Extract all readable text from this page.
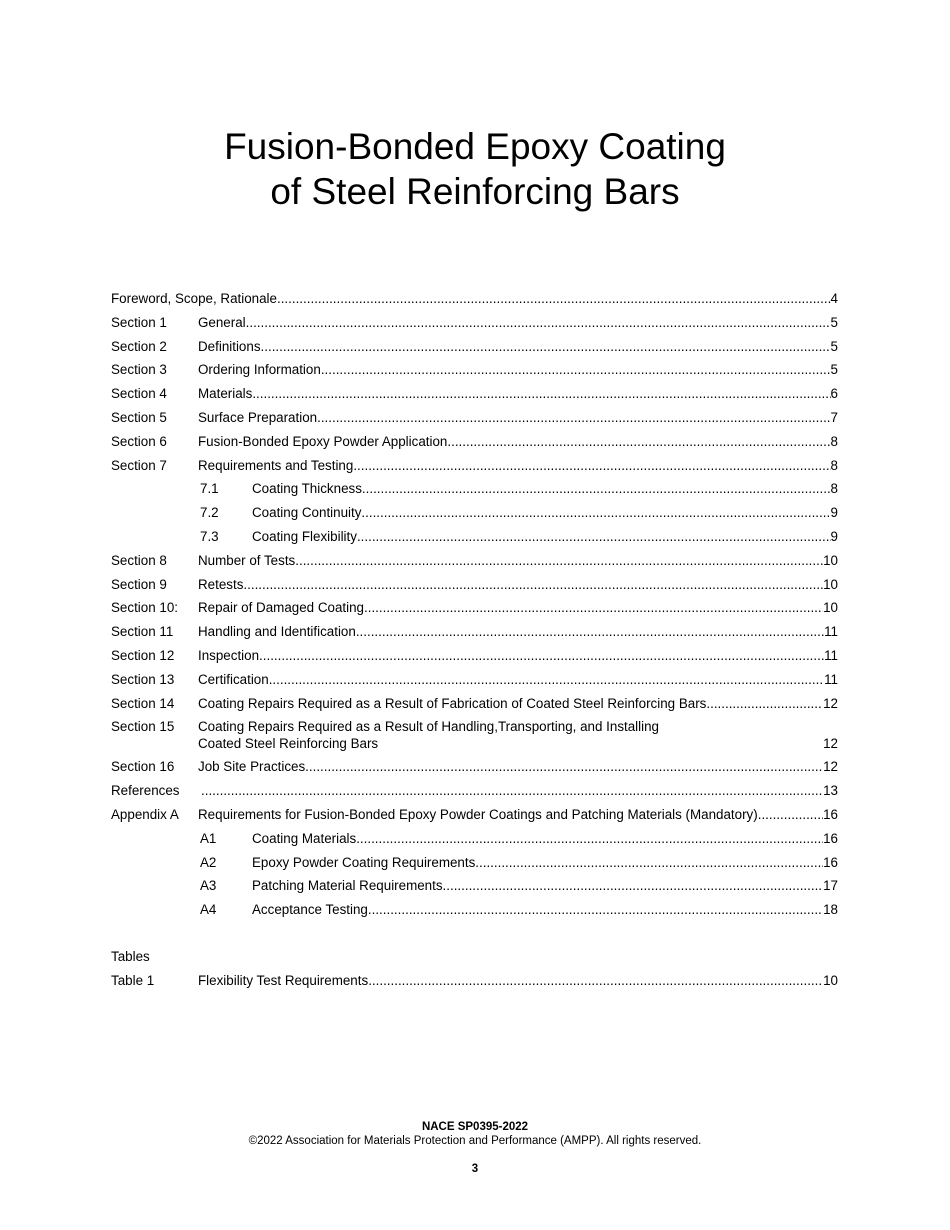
Fusion-Bonded Epoxy Coating
of Steel Reinforcing Bars
Foreword, Scope, Rationale .....	4
Section 1 General .....	5
Section 2 Definitions .....	5
Section 3 Ordering Information .....	5
Section 4 Materials .....	6
Section 5 Surface Preparation .....	7
Section 6 Fusion-Bonded Epoxy Powder Application .....	8
Section 7 Requirements and Testing .....	8
7.1 Coating Thickness .....	8
7.2 Coating Continuity .....	9
7.3 Coating Flexibility .....	9
Section 8 Number of Tests .....	10
Section 9 Retests .....	10
Section 10: Repair of Damaged Coating .....	10
Section 11 Handling and Identification .....	11
Section 12 Inspection .....	11
Section 13 Certification .....	11
Section 14 Coating Repairs Required as a Result of Fabrication of Coated Steel Reinforcing Bars .....	12
Section 15 Coating Repairs Required as a Result of Handling,Transporting, and Installing
Coated Steel Reinforcing Bars	12
Section 16 Job Site Practices .....	12
References .....	13
Appendix A Requirements for Fusion-Bonded Epoxy Powder Coatings and Patching Materials (Mandatory) .....	16
A1	Coating Materials .....	16
A2	Epoxy Powder Coating Requirements .....	16
A3	Patching Material Requirements .....	17
A4	Acceptance Testing .....	18
Tables
Table 1	Flexibility Test Requirements .....	10
NACE SP0395-2022
©2022 Association for Materials Protection and Performance (AMPP). All rights reserved.
3
